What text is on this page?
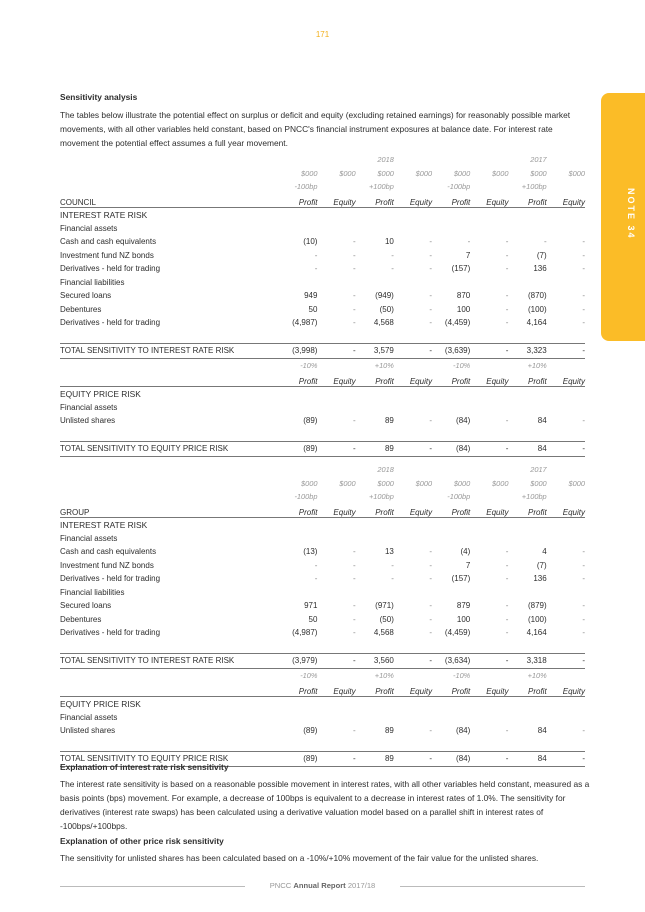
171
NOTE 34
Sensitivity analysis
The tables below illustrate the potential effect on surplus or deficit and equity (excluding retained earnings) for reasonably possible market movements, with all other variables held constant, based on PNCC's financial instrument exposures at balance date. For interest rate movement the potential effect assumes a full year movement.
			2018				2017	
	$000	$000	$000	$000	$000	$000	$000	$000
	-100bp		+100bp		-100bp		+100bp	
COUNCIL	Profit	Equity	Profit	Equity	Profit	Equity	Profit	Equity
INTEREST RATE RISK								
Financial assets								
Cash and cash equivalents	(10)	-	10	-	-	-	-	-
Investment fund NZ bonds	-	-	-	-	7	-	(7)	-
Derivatives - held for trading	-	-	-	-	(157)	-	136	-
Financial liabilities								
Secured loans	949	-	(949)	-	870	-	(870)	-
Debentures	50	-	(50)	-	100	-	(100)	-
Derivatives - held for trading	(4,987)	-	4,568	-	(4,459)	-	4,164	-

TOTAL SENSITIVITY TO INTEREST RATE RISK	(3,998)	-	3,579	-	(3,639)	-	3,323	-
	-10%		+10%		-10%		+10%	
	Profit	Equity	Profit	Equity	Profit	Equity	Profit	Equity
EQUITY PRICE RISK								
Financial assets								
Unlisted shares	(89)	-	89	-	(84)	-	84	-

TOTAL SENSITIVITY TO EQUITY PRICE RISK	(89)	-	89	-	(84)	-	84	-
			2018				2017	
	$000	$000	$000	$000	$000	$000	$000	$000
	-100bp		+100bp		-100bp		+100bp	
GROUP	Profit	Equity	Profit	Equity	Profit	Equity	Profit	Equity
INTEREST RATE RISK								
Financial assets								
Cash and cash equivalents	(13)	-	13	-	(4)	-	4	-
Investment fund NZ bonds	-	-	-	-	7	-	(7)	-
Derivatives - held for trading	-	-	-	-	(157)	-	136	-
Financial liabilities								
Secured loans	971	-	(971)	-	879	-	(879)	-
Debentures	50	-	(50)	-	100	-	(100)	-
Derivatives - held for trading	(4,987)	-	4,568	-	(4,459)	-	4,164	-

TOTAL SENSITIVITY TO INTEREST RATE RISK	(3,979)	-	3,560	-	(3,634)	-	3,318	-
	-10%		+10%		-10%		+10%	
	Profit	Equity	Profit	Equity	Profit	Equity	Profit	Equity
EQUITY PRICE RISK								
Financial assets								
Unlisted shares	(89)	-	89	-	(84)	-	84	-

TOTAL SENSITIVITY TO EQUITY PRICE RISK	(89)	-	89	-	(84)	-	84	-
Explanation of interest rate risk sensitivity
The interest rate sensitivity is based on a reasonable possible movement in interest rates, with all other variables held constant, measured as a basis points (bps) movement. For example, a decrease of 100bps is equivalent to a decrease in interest rates of 1.0%. The sensitivity for derivatives (interest rate swaps) has been calculated using a derivative valuation model based on a parallel shift in interest rates of -100bps/+100bps.
Explanation of other price risk sensitivity
The sensitivity for unlisted shares has been calculated based on a -10%/+10% movement of the fair value for the unlisted shares.
PNCC Annual Report 2017/18
